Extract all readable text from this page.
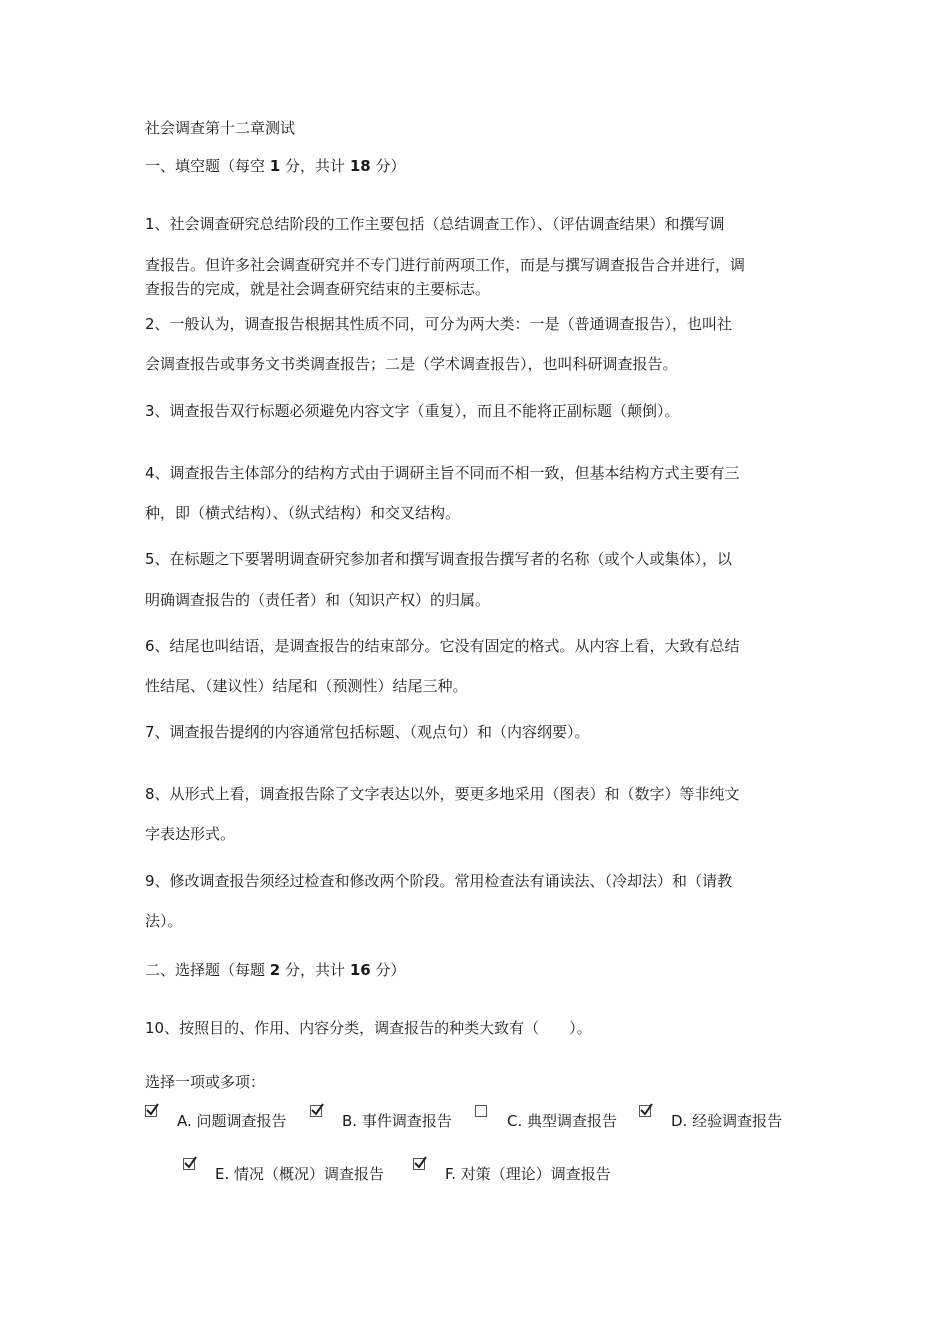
社会调查第十二章测试

一、填空题（每空 1 分，共计 18 分）

1、社会调查研究总结阶段的工作主要包括（总结调查工作）、（评估调查结果）和撰写调

查报告。但许多社会调查研究并不专门进行前两项工作，而是与撰写调查报告合并进行，调

查报告的完成，就是社会调查研究结束的主要标志。

2、一般认为，调查报告根据其性质不同，可分为两大类：一是（普通调查报告），也叫社

会调查报告或事务文书类调查报告；二是（学术调查报告），也叫科研调查报告。

3、调查报告双行标题必须避免内容文字（重复），而且不能将正副标题（颠倒）。

4、调查报告主体部分的结构方式由于调研主旨不同而不相一致，但基本结构方式主要有三

种，即（横式结构）、（纵式结构）和交叉结构。

5、在标题之下要署明调查研究参加者和撰写调查报告撰写者的名称（或个人或集体），以

明确调查报告的（责任者）和（知识产权）的归属。

6、结尾也叫结语，是调查报告的结束部分。它没有固定的格式。从内容上看，大致有总结

性结尾、（建议性）结尾和（预测性）结尾三种。

7、调查报告提纲的内容通常包括标题、（观点句）和（内容纲要）。

8、从形式上看，调查报告除了文字表达以外，要更多地采用（图表）和（数字）等非纯文

字表达形式。

9、修改调查报告须经过检查和修改两个阶段。常用检查法有诵读法、（冷却法）和（请教

法）。

二、选择题（每题 2 分，共计 16 分）

10、按照目的、作用、内容分类，调查报告的种类大致有（　　）。

选择一项或多项：

A. 问题调查报告	B. 事件调查报告	C. 典型调查报告	D. 经验调查报告
E. 情况（概况）调查报告	F. 对策（理论）调查报告
